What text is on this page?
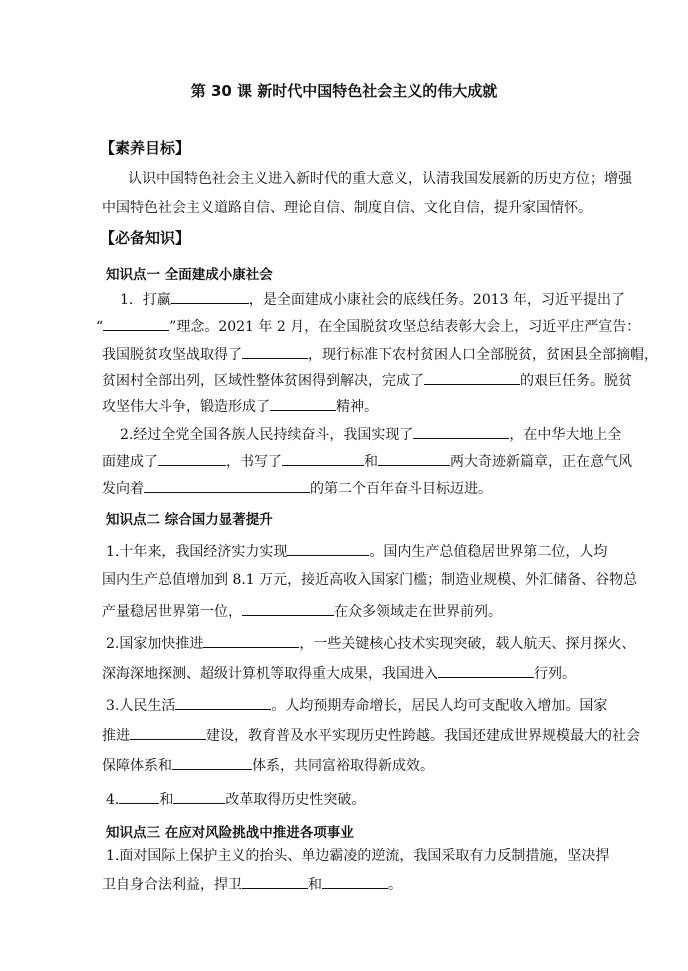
第 30 课 新时代中国特色社会主义的伟大成就
【素养目标】
认识中国特色社会主义进入新时代的重大意义，认清我国发展新的历史方位；增强
中国特色社会主义道路自信、理论自信、制度自信、文化自信，提升家国情怀。
【必备知识】
知识点一 全面建成小康社会
1．打赢	，是全面建成小康社会的底线任务。2013 年，习近平提出了
“	”理念。2021 年 2 月，在全国脱贫攻坚总结表彰大会上，习近平庄严宣告：
我国脱贫攻坚战取得了	，现行标准下农村贫困人口全部脱贫，贫困县全部摘帽，
贫困村全部出列，区域性整体贫困得到解决，完成了	的艰巨任务。脱贫
攻坚伟大斗争，锻造形成了	精神。
2.经过全党全国各族人民持续奋斗，我国实现了	，在中华大地上全
面建成了	，书写了	和	两大奇迹新篇章，正在意气风
发向着	的第二个百年奋斗目标迈进。
知识点二 综合国力显著提升
1.十年来，我国经济实力实现	。国内生产总值稳居世界第二位，人均
国内生产总值增加到 8.1 万元，接近高收入国家门槛；制造业规模、外汇储备、谷物总
产量稳居世界第一位，	在众多领域走在世界前列。
2.国家加快推进	，一些关键核心技术实现突破，载人航天、探月探火、
深海深地探测、超级计算机等取得重大成果，我国进入	行列。
3.人民生活	。人均预期寿命增长，居民人均可支配收入增加。国家
推进	建设，教育普及水平实现历史性跨越。我国还建成世界规模最大的社会
保障体系和	体系，共同富裕取得新成效。
4.	和	改革取得历史性突破。
知识点三 在应对风险挑战中推进各项事业
1.面对国际上保护主义的抬头、单边霸凌的逆流，我国采取有力反制措施，坚决捍
卫自身合法利益，捍卫	和	。
